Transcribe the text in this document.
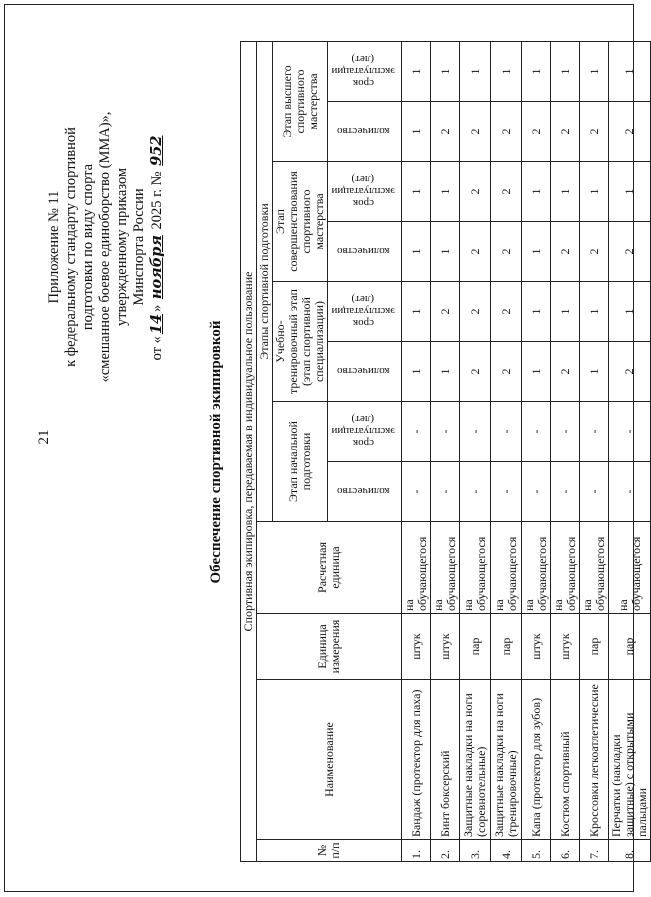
21
Приложение № 11 к федеральному стандарту спортивной подготовки по виду спорта «смешанное боевое единоборство (ММА)», утвержденному приказом Минспорта России
от «14» ноября 2025 г. № 952
Обеспечение спортивной экипировкой Спортивная экипировка, передаваемая в индивидуальное пользование											
№ п/п	Наименование	Единица измерения	Расчетная единица	Этапы спортивной подготовки							
				Этап начальной подготовки		Учебно-тренировочный этап (этап спортивной специализации)		Этап совершенствования спортивного мастерства		Этап высшего спортивного мастерства	
				количество	срок эксплуатации (лет)	количество	срок эксплуатации (лет)	количество	срок эксплуатации (лет)	количество	срок эксплуатации (лет)
1.	Бандаж (протектор для паха)	штук	на обучающегося	-	-	1	1	1	1	1	1
2.	Бинт боксерский	штук	на обучающегося	-	-	1	2	1	1	2	1
3.	Защитные накладки на ноги (соревнотельные)	пар	на обучающегося	-	-	2	2	2	2	2	1
4.	Защитные накладки на ноги (тренировочные)	пар	на обучающегося	-	-	2	2	2	2	2	1
5.	Капа (протектор для зубов)	штук	на обучающегося	-	-	1	1	1	1	2	1
6.	Костюм спортивный	штук	на обучающегося	-	-	2	1	2	1	2	1
7.	Кроссовки легкоатлетические	пар	на обучающегося	-	-	1	1	2	1	2	1
8.	Перчатки (накладки защитные) с открытыми пальцами	пар	на обучающегося	-	-	2	1	2	1	2	1
